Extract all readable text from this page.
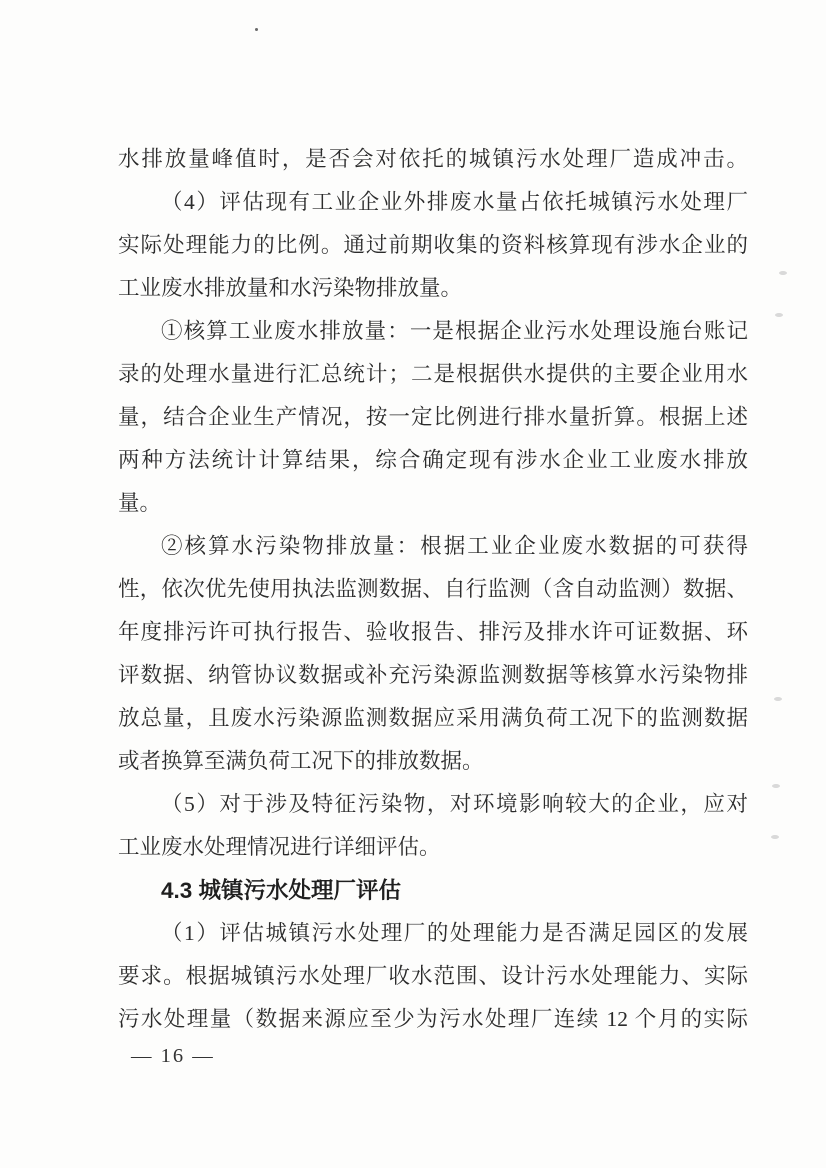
水排放量峰值时，是否会对依托的城镇污水处理厂造成冲击。

（4）评估现有工业企业外排废水量占依托城镇污水处理厂

实际处理能力的比例。通过前期收集的资料核算现有涉水企业的

工业废水排放量和水污染物排放量。

①核算工业废水排放量：一是根据企业污水处理设施台账记

录的处理水量进行汇总统计；二是根据供水提供的主要企业用水

量，结合企业生产情况，按一定比例进行排水量折算。根据上述

两种方法统计计算结果，综合确定现有涉水企业工业废水排放

量。

②核算水污染物排放量：根据工业企业废水数据的可获得

性，依次优先使用执法监测数据、自行监测（含自动监测）数据、

年度排污许可执行报告、验收报告、排污及排水许可证数据、环

评数据、纳管协议数据或补充污染源监测数据等核算水污染物排

放总量，且废水污染源监测数据应采用满负荷工况下的监测数据

或者换算至满负荷工况下的排放数据。

（5）对于涉及特征污染物，对环境影响较大的企业，应对

工业废水处理情况进行详细评估。

4.3 城镇污水处理厂评估

（1）评估城镇污水处理厂的处理能力是否满足园区的发展

要求。根据城镇污水处理厂收水范围、设计污水处理能力、实际

污水处理量（数据来源应至少为污水处理厂连续 12 个月的实际

— 16 —
